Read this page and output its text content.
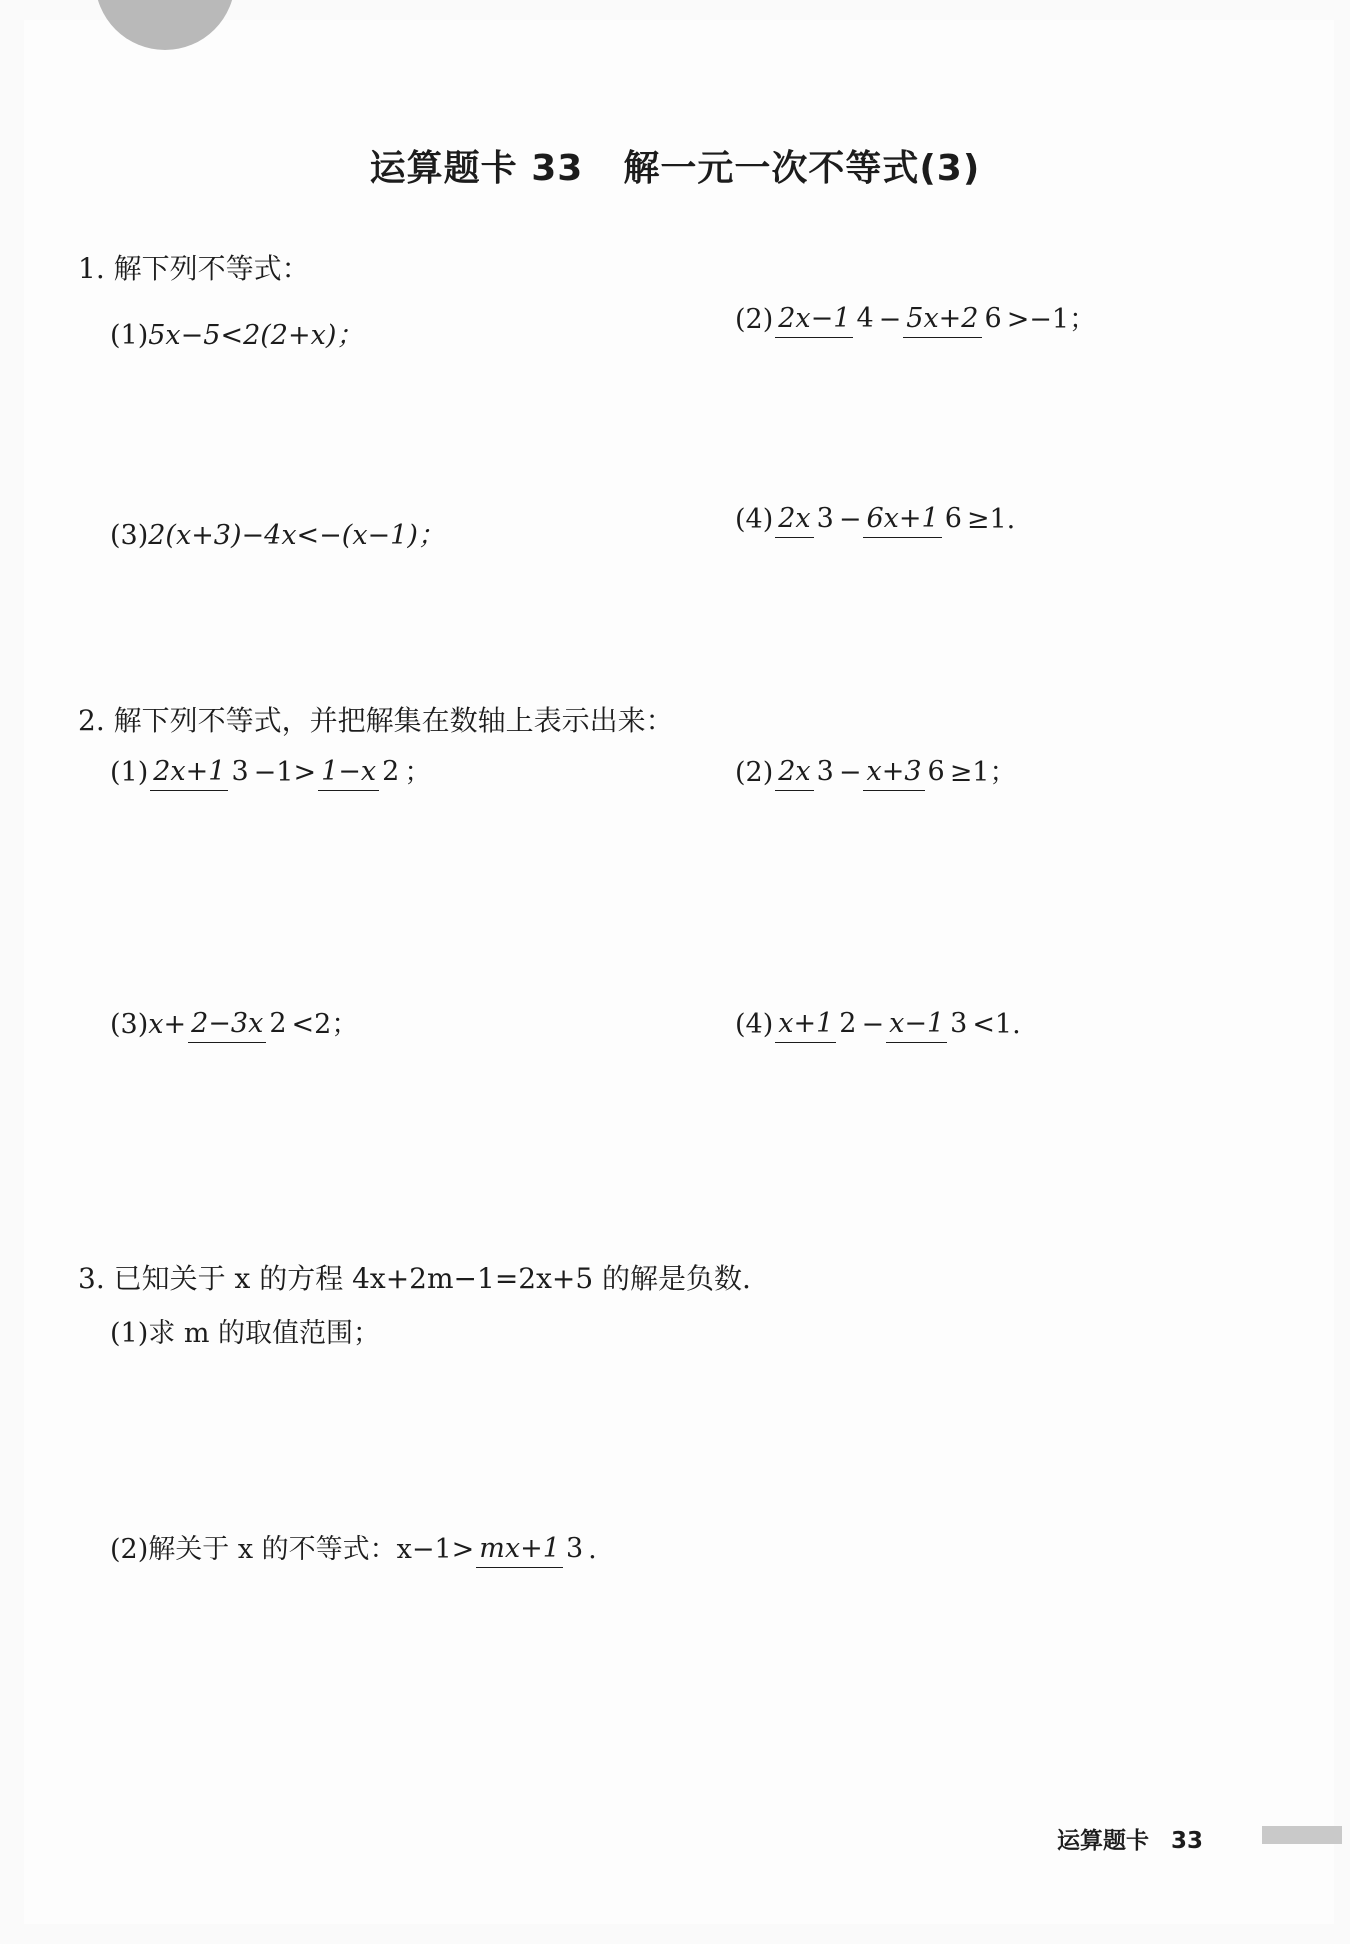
运算题卡 33 解一元一次不等式(3)
1. 解下列不等式：
(1) 5x−5<2(2+x)；
(2) 2x−1 4 − 5x+2 6 >−1；
(3) 2(x+3)−4x<−(x−1)；
(4) 2x 3 − 6x+1 6 ≥1.
2. 解下列不等式，并把解集在数轴上表示出来：
(1) 2x+1 3 −1> 1−x 2 ；	(2) 2x 3 − x+3 6 ≥1；
(3) x+ 2−3x 2 <2；	(4) x+1 2 − x−1 3 <1.
3. 已知关于 x 的方程 4x+2m−1=2x+5 的解是负数.
(1)求 m 的取值范围；
(2)解关于 x 的不等式：x−1> mx+1 3 .
运算题卡 33
